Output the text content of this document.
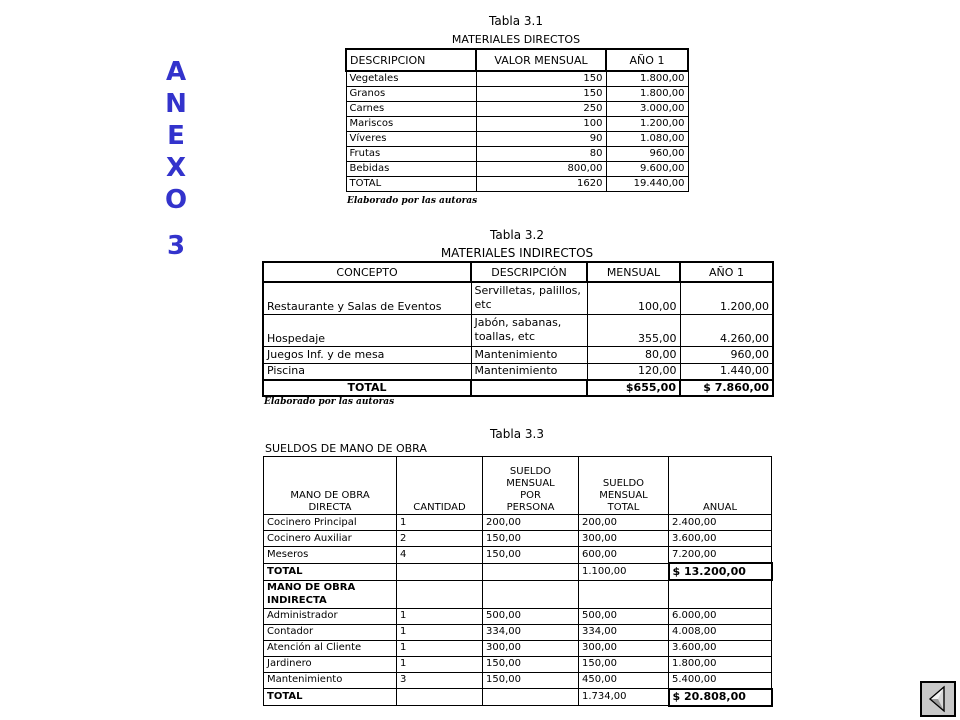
A
N
E
X
O
3
Tabla 3.1
MATERIALES DIRECTOS
DESCRIPCION	VALOR MENSUAL	AÑO 1
Vegetales	150	1.800,00
Granos	150	1.800,00
Carnes	250	3.000,00
Mariscos	100	1.200,00
Víveres	90	1.080,00
Frutas	80	960,00
Bebidas	800,00	9.600,00
TOTAL	1620	19.440,00
Elaborado por las autoras
Tabla 3.2
MATERIALES INDIRECTOS
CONCEPTO	DESCRIPCIÓN	MENSUAL	AÑO 1
Restaurante y Salas de Eventos	Servilletas, palillos, etc	100,00	1.200,00
Hospedaje	Jabón, sabanas, toallas, etc	355,00	4.260,00
Juegos Inf. y de mesa	Mantenimiento	80,00	960,00
Piscina	Mantenimiento	120,00	1.440,00
TOTAL		$655,00	$ 7.860,00
Elaborado por las autoras
Tabla 3.3
SUELDOS DE MANO DE OBRA
MANO DE OBRA DIRECTA	CANTIDAD	SUELDO MENSUAL POR PERSONA	SUELDO MENSUAL TOTAL	ANUAL
Cocinero Principal	1	200,00	200,00	2.400,00
Cocinero Auxiliar	2	150,00	300,00	3.600,00
Meseros	4	150,00	600,00	7.200,00
TOTAL			1.100,00	$ 13.200,00
MANO DE OBRA INDIRECTA				
Administrador	1	500,00	500,00	6.000,00
Contador	1	334,00	334,00	4.008,00
Atención al Cliente	1	300,00	300,00	3.600,00
Jardinero	1	150,00	150,00	1.800,00
Mantenimiento	3	150,00	450,00	5.400,00
TOTAL			1.734,00	$ 20.808,00
